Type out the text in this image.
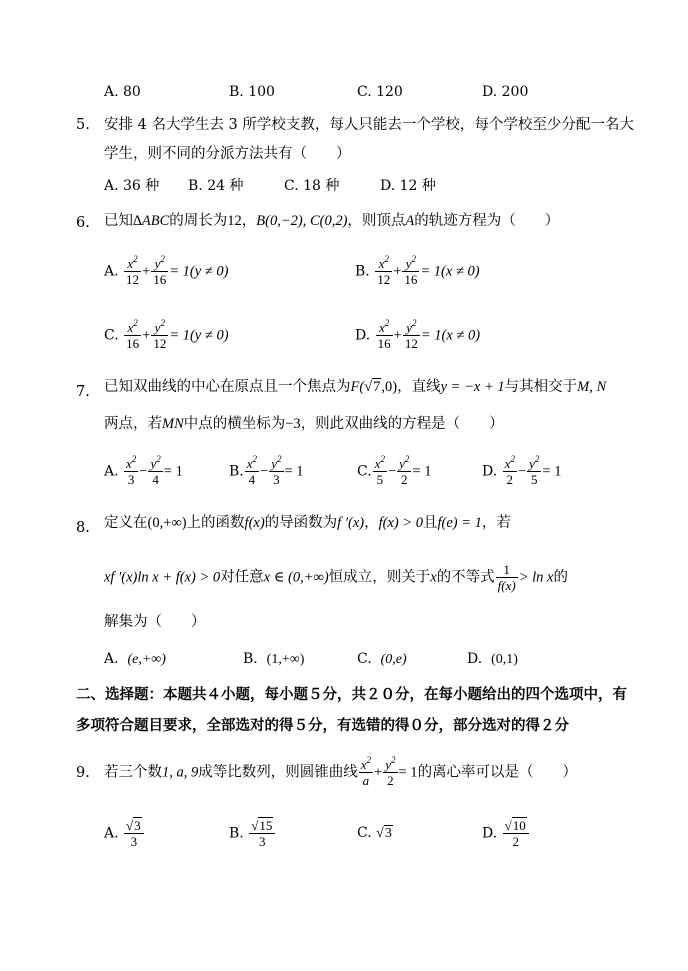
A. 80	B. 100	C. 120	D. 200
5. 安排 4 名大学生去 3 所学校支教，每人只能去一个学校，每个学校至少分配一名大
学生，则不同的分派方法共有（　　）
A. 36 种 B. 24 种	C. 18 种	D. 12 种
6. 已知∆ABC的周长为12，B(0,−2), C(0,2)，则顶点A的轨迹方程为（　　）
A. $\frac{x^2}{12} + \frac{y^2}{16} = 1(y \ne 0)$	B. $\frac{x^2}{12} + \frac{y^2}{16} = 1(x \ne 0)$
C. $\frac{x^2}{16} + \frac{y^2}{12} = 1(y \ne 0)$	D. $\frac{x^2}{16} + \frac{y^2}{12} = 1(x \ne 0)$
7. 已知双曲线的中心在原点且一个焦点为F(√7,0)，直线y = −x + 1与其相交于M, N
两点，若MN中点的横坐标为−3，则此双曲线的方程是（　　）
A. $\frac{x^2}{3} - \frac{y^2}{4} = 1$	B. $\frac{x^2}{4} - \frac{y^2}{3} = 1$	C. $\frac{x^2}{5} - \frac{y^2}{2} = 1$	D. $\frac{x^2}{2} - \frac{y^2}{5} = 1$
8. 定义在(0,+∞)上的函数f(x)的导函数为f ′(x)，f(x) > 0且f(e) = 1，若
xf ′(x)ln x + f(x) > 0对任意x ∈ (0,+∞)恒成立，则关于x的不等式 $\frac{1}{f(x)} > \ln x$的
解集为（　　）
A. (e,+∞)	B. (1,+∞)	C. (0,e)	D. (0,1)
二、选择题：本题共４小题，每小题５分，共２０分，在每小题给出的四个选项中，有
多项符合题目要求，全部选对的得５分，有选错的得０分，部分选对的得２分
9. 若三个数1, a, 9成等比数列，则圆锥曲线 $\frac{x^2}{a} + \frac{y^2}{2} = 1$的离心率可以是（　　）
A. $\frac{√3}{3}$	B. $\frac{√15}{3}$	C. √3	D. $\frac{√10}{2}$
